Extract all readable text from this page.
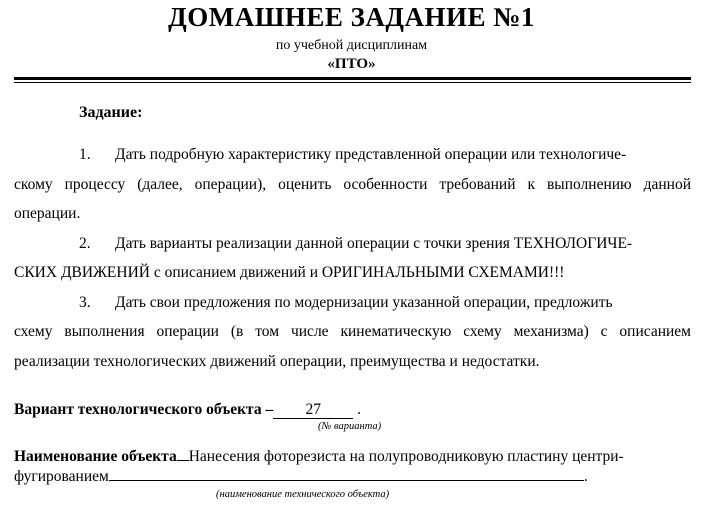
ДОМАШНЕЕ ЗАДАНИЕ №1
по учебной дисциплинам
«ПТО»
Задание:
1. Дать подробную характеристику представленной операции или технологиче-
скому процессу (далее, операции), оценить особенности требований к выполнению данной
операции.
2. Дать варианты реализации данной операции с точки зрения ТЕХНОЛОГИЧЕ-
СКИХ ДВИЖЕНИЙ с описанием движений и ОРИГИНАЛЬНЫМИ СХЕМАМИ!!!
3. Дать свои предложения по модернизации указанной операции, предложить
схему выполнения операции (в том числе кинематическую схему механизма) с описанием
реализации технологических движений операции, преимущества и недостатки.
Вариант технологического объекта – 27 .
(№ варианта)
Наименование объекта Нанесения фоторезиста на полупроводниковую пластину центри-
фугированием	.
(наименование технического объекта)
